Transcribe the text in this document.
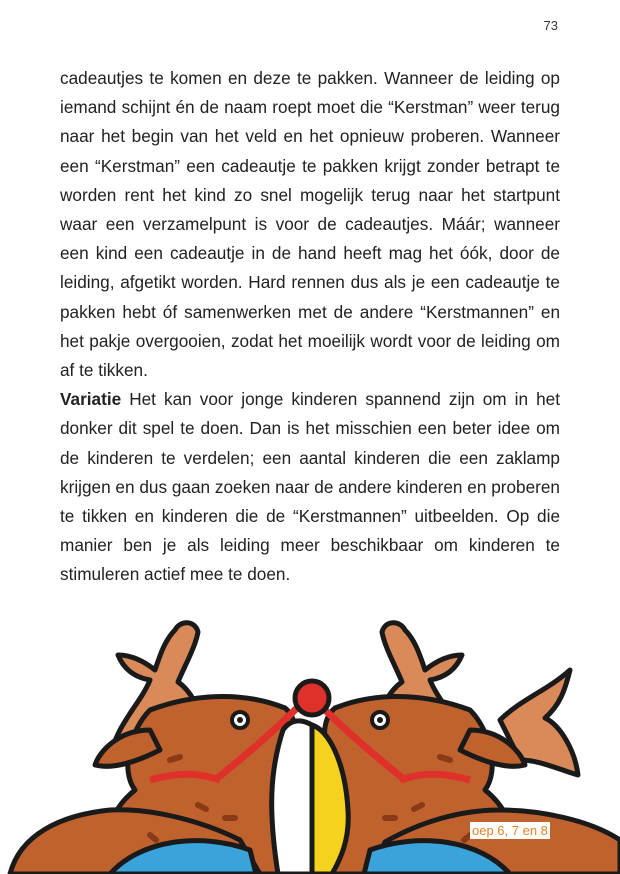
73

cadeautjes te komen en deze te pakken. Wanneer de leiding op iemand schijnt én de naam roept moet die “Kerstman” weer terug naar het begin van het veld en het opnieuw proberen. Wanneer een “Kerstman” een cadeautje te pakken krijgt zonder betrapt te worden rent het kind zo snel mogelijk terug naar het startpunt waar een verzamelpunt is voor de cadeautjes. Máár; wanneer een kind een cadeautje in de hand heeft mag het óók, door de leiding, afgetikt worden. Hard rennen dus als je een cadeautje te pakken hebt óf samenwerken met de andere “Kerstmannen” en het pakje overgooien, zodat het moeilijk wordt voor de leiding om af te tikken.

Variatie Het kan voor jonge kinderen spannend zijn om in het donker dit spel te doen. Dan is het misschien een beter idee om de kinderen te verdelen; een aantal kinderen die een zaklamp krijgen en dus gaan zoeken naar de andere kinderen en proberen te tikken en kinderen die de “Kerstmannen” uitbeelden. Op die manier ben je als leiding meer beschikbaar om kinderen te stimuleren actief mee te doen.

oep 6, 7 en 8
